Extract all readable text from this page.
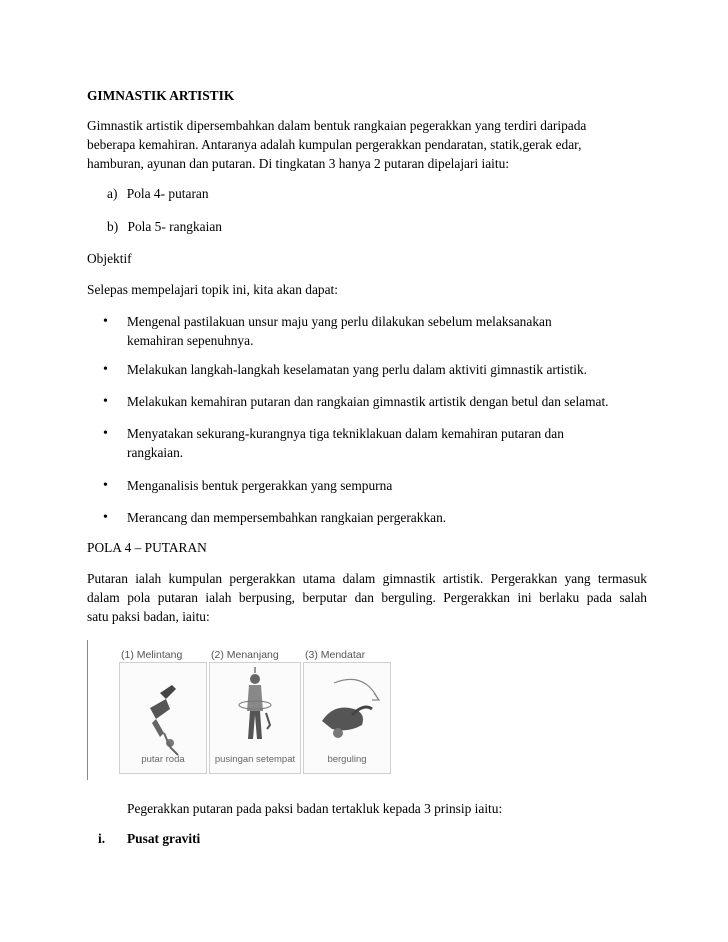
GIMNASTIK ARTISTIK
Gimnastik artistik dipersembahkan dalam bentuk rangkaian pegerakkan yang terdiri daripada
beberapa kemahiran. Antaranya adalah kumpulan pergerakkan pendaratan, statik,gerak edar,
hamburan, ayunan dan putaran. Di tingkatan 3 hanya 2 putaran dipelajari iaitu:
a) Pola 4- putaran
b) Pola 5- rangkaian
Objektif
Selepas mempelajari topik ini, kita akan dapat:
• Mengenal pastilakuan unsur maju yang perlu dilakukan sebelum melaksanakan
kemahiran sepenuhnya.
• Melakukan langkah-langkah keselamatan yang perlu dalam aktiviti gimnastik artistik.
• Melakukan kemahiran putaran dan rangkaian gimnastik artistik dengan betul dan selamat.
• Menyatakan sekurang-kurangnya tiga tekniklakuan dalam kemahiran putaran dan
rangkaian.
• Menganalisis bentuk pergerakkan yang sempurna
• Merancang dan mempersembahkan rangkaian pergerakkan.
POLA 4 – PUTARAN
Putaran ialah kumpulan pergerakkan utama dalam gimnastik artistik. Pergerakkan yang termasuk
dalam pola putaran ialah berpusing, berputar dan berguling. Pergerakkan ini berlaku pada salah
satu paksi badan, iaitu:
(1) Melintang	(2) Menanjang	(3) Mendatar
putar roda	pusingan setempat	berguling
Pegerakkan putaran pada paksi badan tertakluk kepada 3 prinsip iaitu:
i. Pusat graviti
